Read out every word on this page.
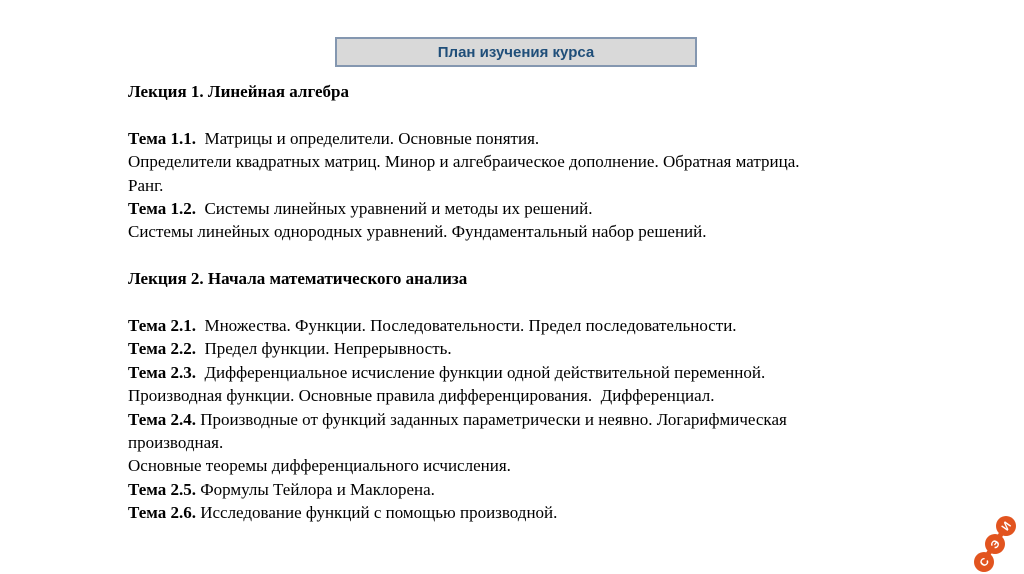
План изучения курса
Лекция 1. Линейная алгебра
Тема 1.1.  Матрицы и определители. Основные понятия.
Определители квадратных матриц. Минор и алгебраическое дополнение. Обратная матрица.
Ранг.
Тема 1.2.  Системы линейных уравнений и методы их решений.
Системы линейных однородных уравнений. Фундаментальный набор решений.
Лекция 2. Начала математического анализа
Тема 2.1.  Множества. Функции. Последовательности. Предел последовательности.
Тема 2.2.  Предел функции. Непрерывность.
Тема 2.3.  Дифференциальное исчисление функции одной действительной переменной.
Производная функции. Основные правила дифференцирования.  Дифференциал.
Тема 2.4. Производные от функций заданных параметрически и неявно. Логарифмическая
производная.
Основные теоремы дифференциального исчисления.
Тема 2.5. Формулы Тейлора и Маклорена.
Тема 2.6. Исследование функций с помощью производной.
И
Э
С
